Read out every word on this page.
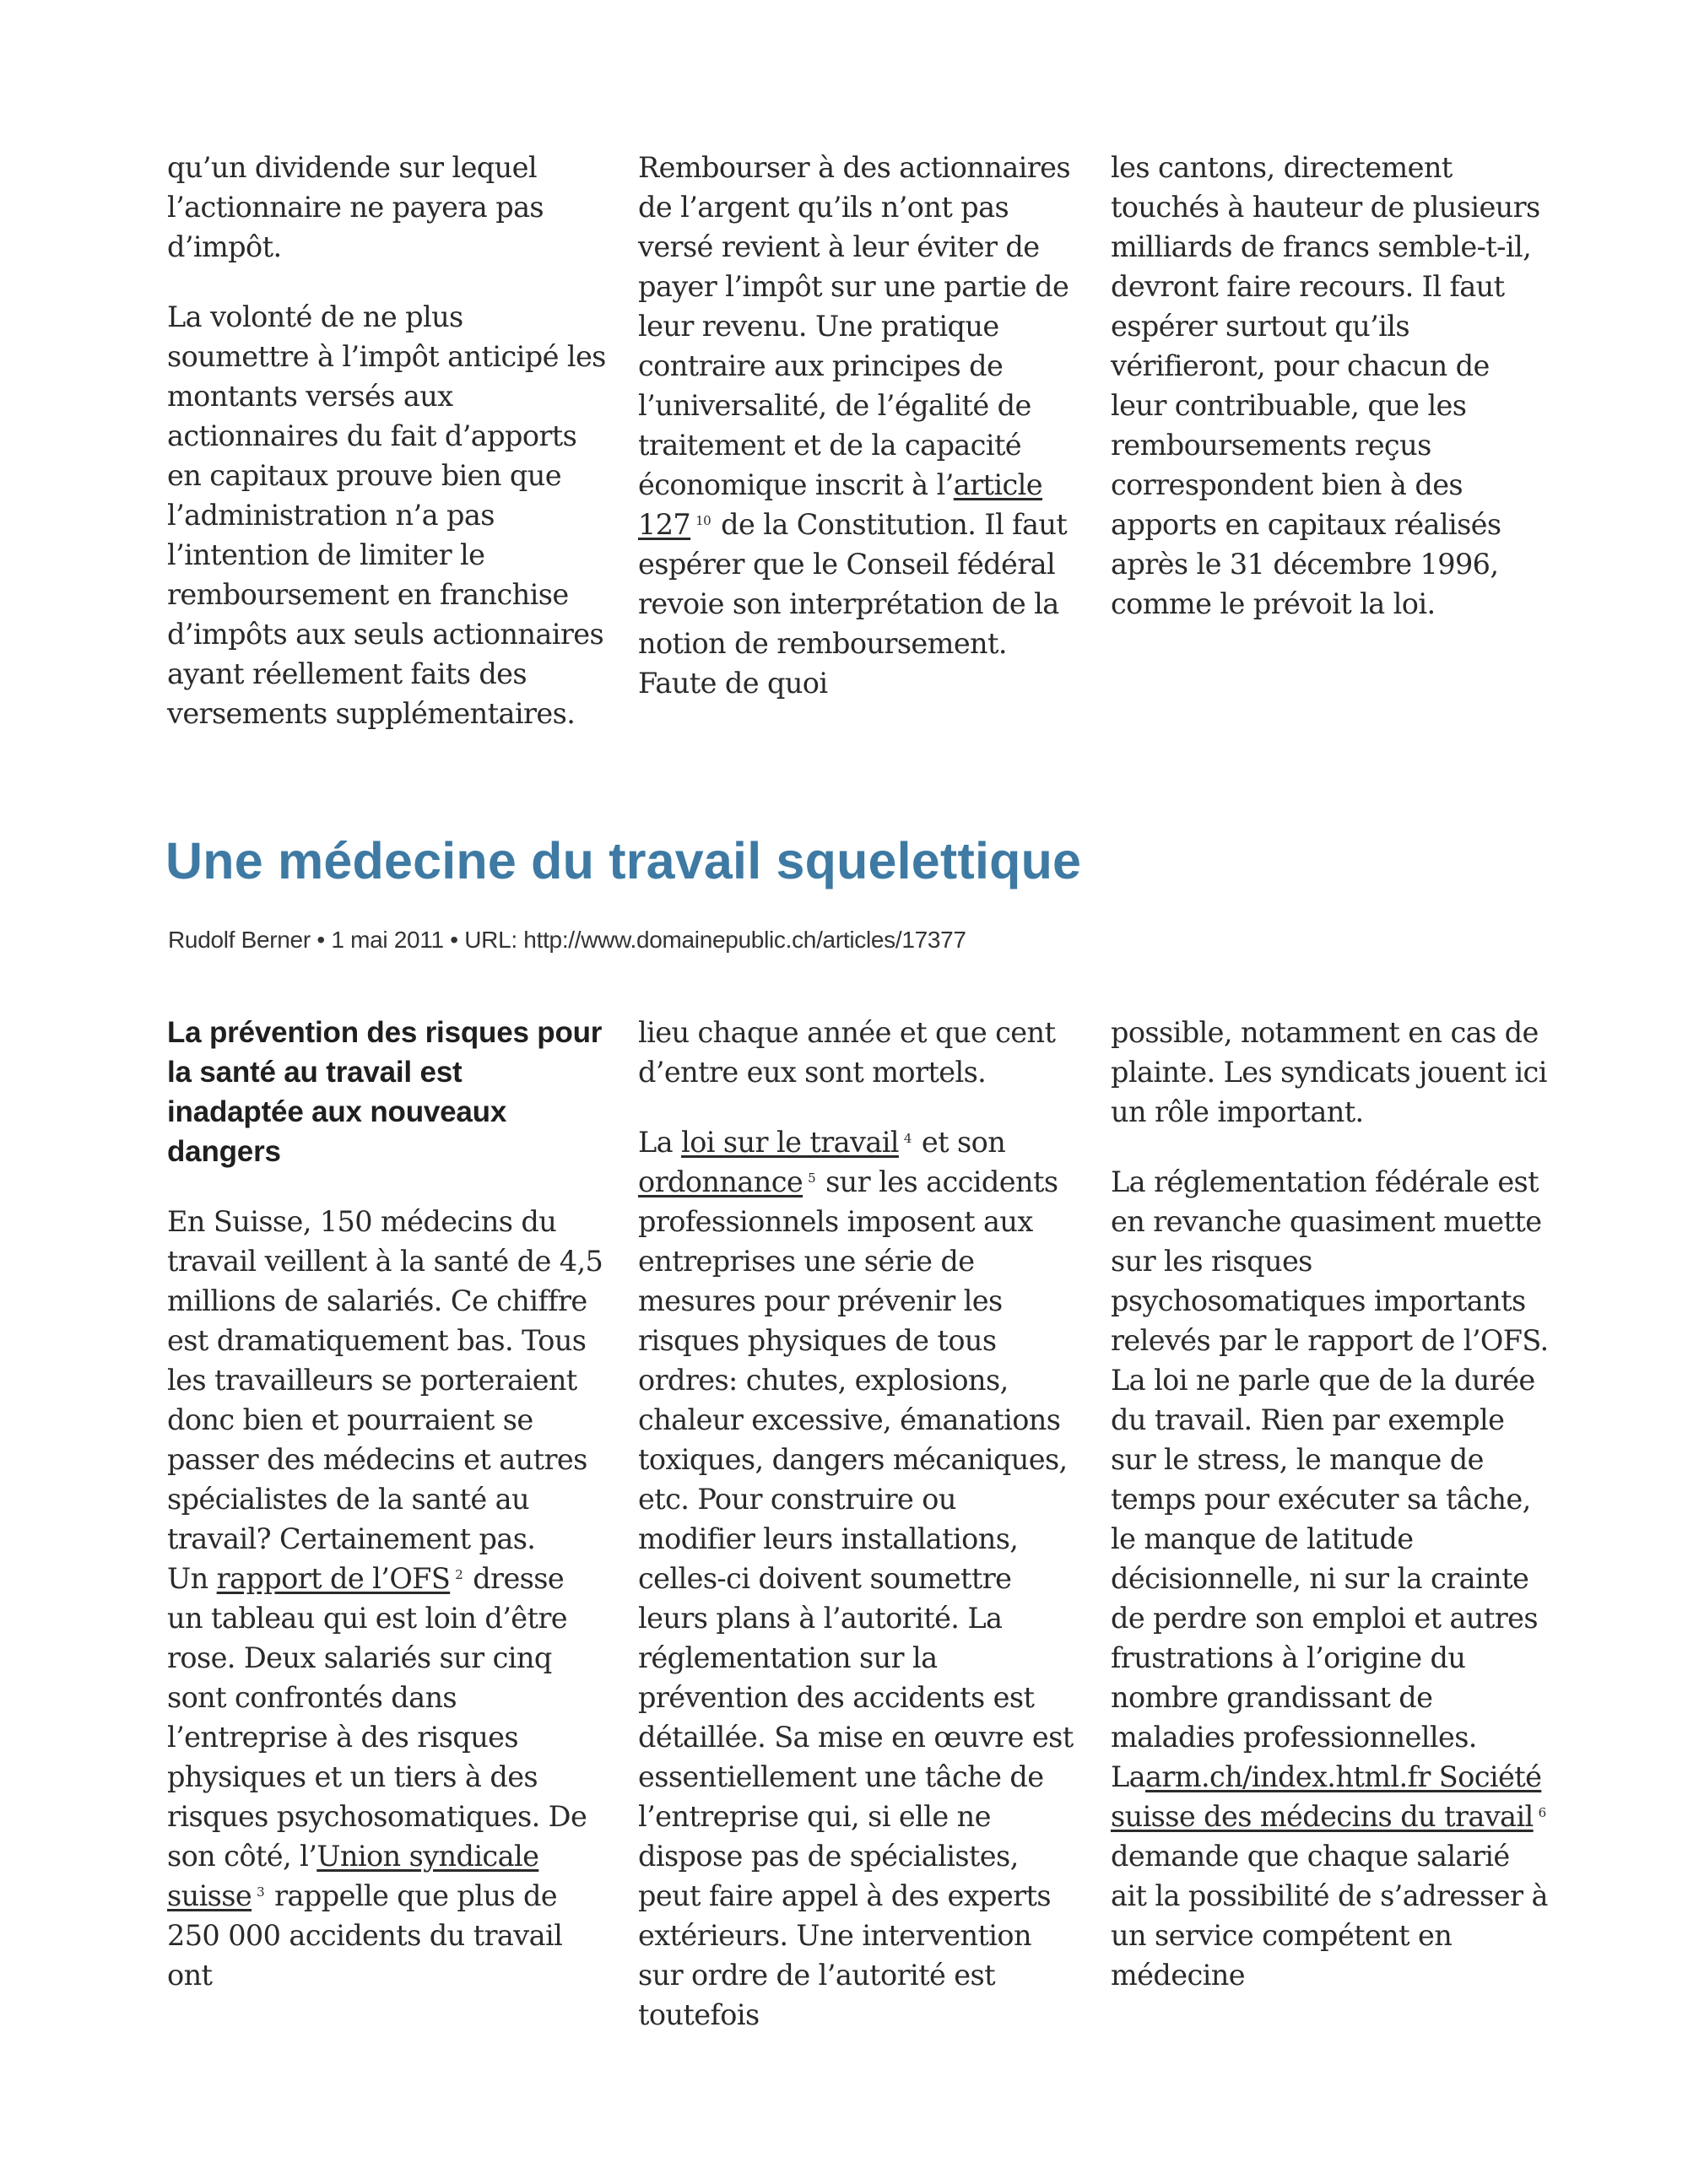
qu’un dividende sur lequel l’actionnaire ne payera pas d’impôt.

La volonté de ne plus soumettre à l’impôt anticipé les montants versés aux actionnaires du fait d’apports en capitaux prouve bien que l’administration n’a pas l’intention de limiter le remboursement en franchise d’impôts aux seuls actionnaires ayant réellement faits des versements supplémentaires.

Rembourser à des actionnaires de l’argent qu’ils n’ont pas versé revient à leur éviter de payer l’impôt sur une partie de leur revenu. Une pratique contraire aux principes de l’universalité, de l’égalité de traitement et de la capacité économique inscrit à l’article 127 $^{10}$ de la Constitution. Il faut espérer que le Conseil fédéral revoie son interprétation de la notion de remboursement. Faute de quoi

les cantons, directement touchés à hauteur de plusieurs milliards de francs semble-t-il, devront faire recours. Il faut espérer surtout qu’ils vérifieront, pour chacun de leur contribuable, que les remboursements reçus correspondent bien à des apports en capitaux réalisés après le 31 décembre 1996, comme le prévoit la loi.

Une médecine du travail squelettique

Rudolf Berner • 1 mai 2011 • URL: http://www.domainepublic.ch/articles/17377

La prévention des risques pour la santé au travail est inadaptée aux nouveaux dangers

En Suisse, 150 médecins du travail veillent à la santé de 4,5 millions de salariés. Ce chiffre est dramatiquement bas. Tous les travailleurs se porteraient donc bien et pourraient se passer des médecins et autres spécialistes de la santé au travail? Certainement pas.

Un rapport de l’OFS $^2$ dresse un tableau qui est loin d’être rose. Deux salariés sur cinq sont confrontés dans l’entreprise à des risques physiques et un tiers à des risques psychosomatiques. De son côté, l’Union syndicale suisse $^3$ rappelle que plus de 250 000 accidents du travail ont

lieu chaque année et que cent d’entre eux sont mortels.

La loi sur le travail $^4$ et son ordonnance $^5$ sur les accidents professionnels imposent aux entreprises une série de mesures pour prévenir les risques physiques de tous ordres: chutes, explosions, chaleur excessive, émanations toxiques, dangers mécaniques, etc. Pour construire ou modifier leurs installations, celles-ci doivent soumettre leurs plans à l’autorité. La réglementation sur la prévention des accidents est détaillée. Sa mise en œuvre est essentiellement une tâche de l’entreprise qui, si elle ne dispose pas de spécialistes, peut faire appel à des experts extérieurs. Une intervention sur ordre de l’autorité est toutefois

possible, notamment en cas de plainte. Les syndicats jouent ici un rôle important.

La réglementation fédérale est en revanche quasiment muette sur les risques psychosomatiques importants relevés par le rapport de l’OFS. La loi ne parle que de la durée du travail. Rien par exemple sur le stress, le manque de temps pour exécuter sa tâche, le manque de latitude décisionnelle, ni sur la crainte de perdre son emploi et autres frustrations à l’origine du nombre grandissant de maladies professionnelles. Laarm.ch/index.html.fr Société suisse des médecins du travail $^6$ demande que chaque salarié ait la possibilité de s’adresser à un service compétent en médecine
